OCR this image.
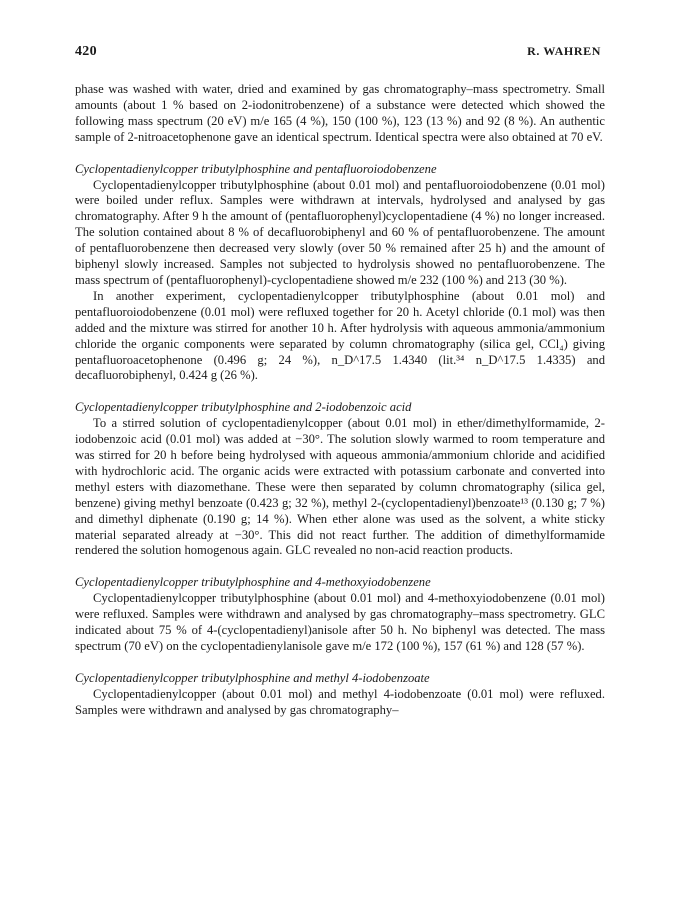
420	R. WAHREN

phase was washed with water, dried and examined by gas chromatography–mass spectrometry. Small amounts (about 1 % based on 2-iodonitrobenzene) of a substance were detected which showed the following mass spectrum (20 eV) m/e 165 (4 %), 150 (100 %), 123 (13 %) and 92 (8 %). An authentic sample of 2-nitroacetophenone gave an identical spectrum. Identical spectra were also obtained at 70 eV.

Cyclopentadienylcopper tributylphosphine and pentafluoroiodobenzene

Cyclopentadienylcopper tributylphosphine (about 0.01 mol) and pentafluoroiodobenzene (0.01 mol) were boiled under reflux. Samples were withdrawn at intervals, hydrolysed and analysed by gas chromatography. After 9 h the amount of (pentafluorophenyl)cyclopentadiene (4 %) no longer increased. The solution contained about 8 % of decafluorobiphenyl and 60 % of pentafluorobenzene. The amount of pentafluorobenzene then decreased very slowly (over 50 % remained after 25 h) and the amount of biphenyl slowly increased. Samples not subjected to hydrolysis showed no pentafluorobenzene. The mass spectrum of (pentafluorophenyl)-cyclopentadiene showed m/e 232 (100 %) and 213 (30 %).

In another experiment, cyclopentadienylcopper tributylphosphine (about 0.01 mol) and pentafluoroiodobenzene (0.01 mol) were refluxed together for 20 h. Acetyl chloride (0.1 mol) was then added and the mixture was stirred for another 10 h. After hydrolysis with aqueous ammonia/ammonium chloride the organic components were separated by column chromatography (silica gel, CCl₄) giving pentafluoroacetophenone (0.496 g; 24 %), n_D^17.5 1.4340 (lit.³⁴ n_D^17.5 1.4335) and decafluorobiphenyl, 0.424 g (26 %).

Cyclopentadienylcopper tributylphosphine and 2-iodobenzoic acid

To a stirred solution of cyclopentadienylcopper (about 0.01 mol) in ether/dimethylformamide, 2-iodobenzoic acid (0.01 mol) was added at −30°. The solution slowly warmed to room temperature and was stirred for 20 h before being hydrolysed with aqueous ammonia/ammonium chloride and acidified with hydrochloric acid. The organic acids were extracted with potassium carbonate and converted into methyl esters with diazomethane. These were then separated by column chromatography (silica gel, benzene) giving methyl benzoate (0.423 g; 32 %), methyl 2-(cyclopentadienyl)benzoate¹³ (0.130 g; 7 %) and dimethyl diphenate (0.190 g; 14 %). When ether alone was used as the solvent, a white sticky material separated already at −30°. This did not react further. The addition of dimethylformamide rendered the solution homogenous again. GLC revealed no non-acid reaction products.

Cyclopentadienylcopper tributylphosphine and 4-methoxyiodobenzene

Cyclopentadienylcopper tributylphosphine (about 0.01 mol) and 4-methoxyiodobenzene (0.01 mol) were refluxed. Samples were withdrawn and analysed by gas chromatography–mass spectrometry. GLC indicated about 75 % of 4-(cyclopentadienyl)anisole after 50 h. No biphenyl was detected. The mass spectrum (70 eV) on the cyclopentadienylanisole gave m/e 172 (100 %), 157 (61 %) and 128 (57 %).

Cyclopentadienylcopper tributylphosphine and methyl 4-iodobenzoate

Cyclopentadienylcopper (about 0.01 mol) and methyl 4-iodobenzoate (0.01 mol) were refluxed. Samples were withdrawn and analysed by gas chromatography–
